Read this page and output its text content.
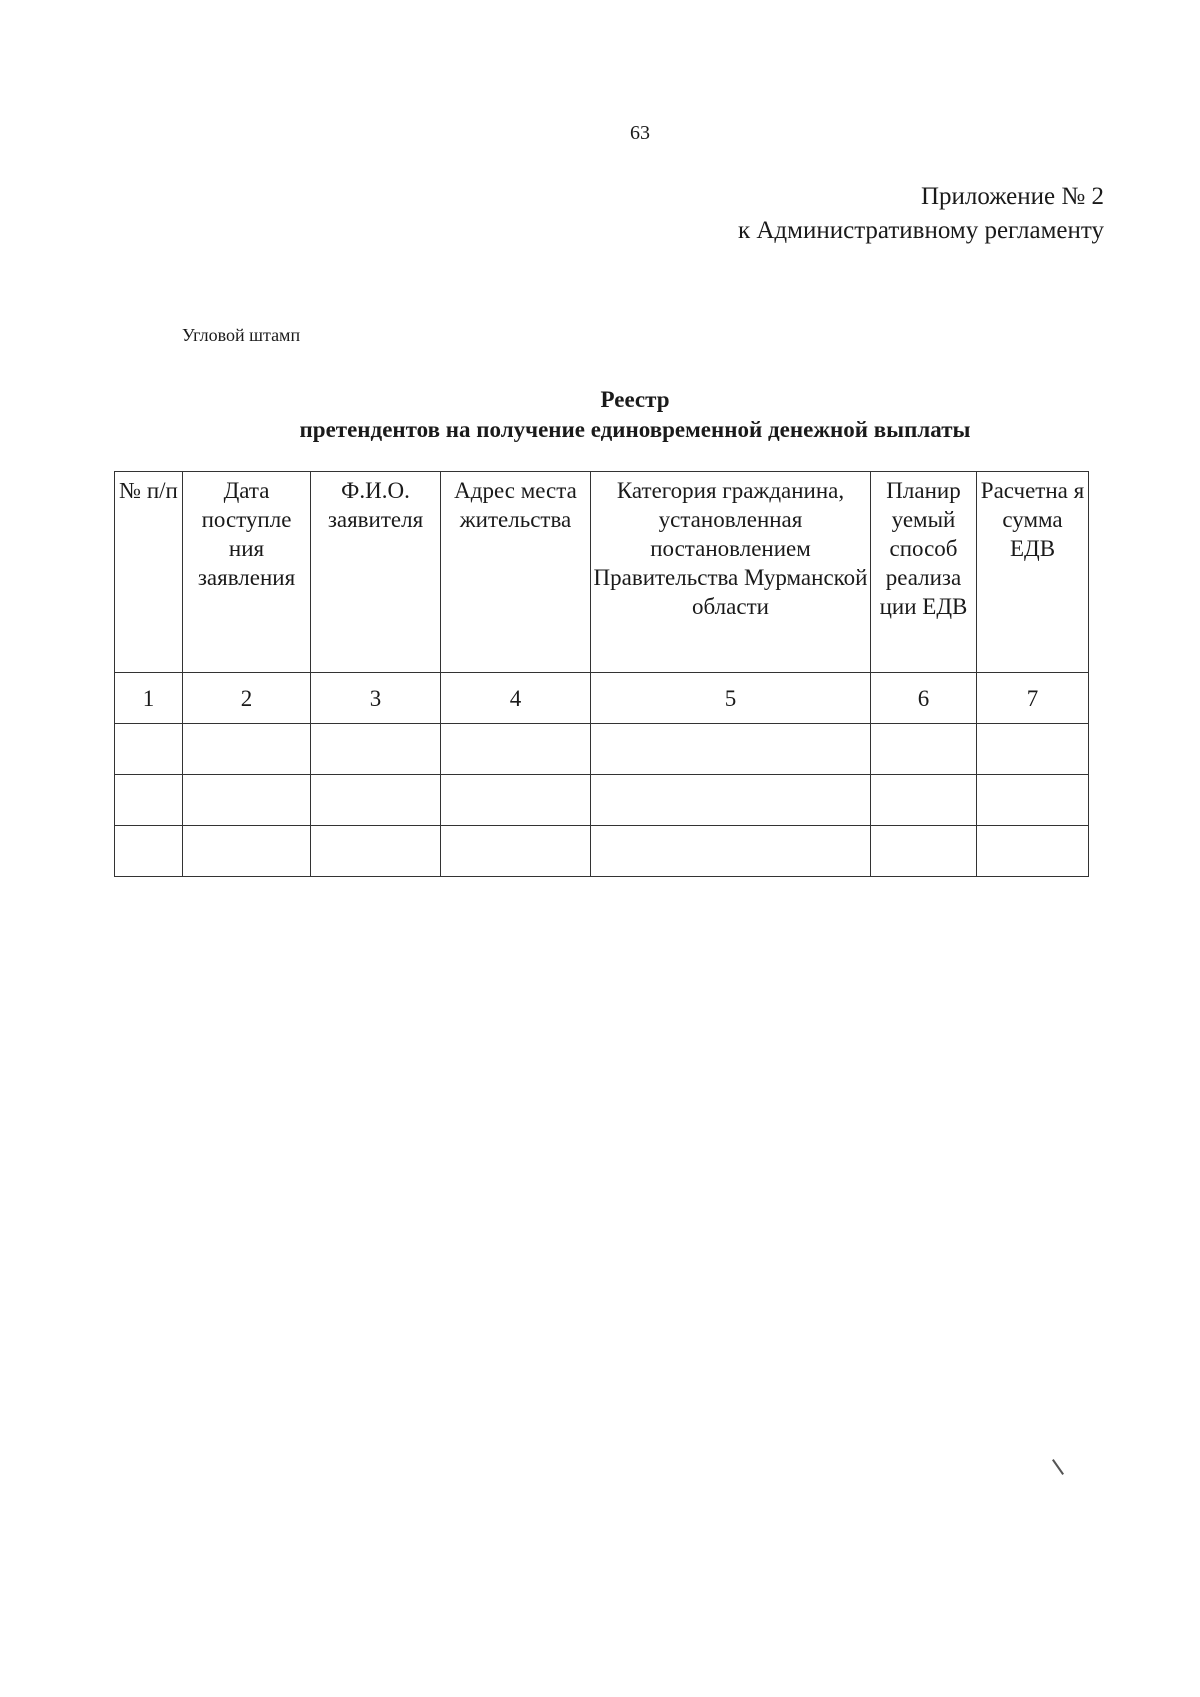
63
Приложение № 2
к Административному регламенту
Угловой штамп
Реестр
претендентов на получение единовременной денежной выплаты
№ п/п	Дата поступле ния заявления	Ф.И.О. заявителя	Адрес места жительства	Категория гражданина, установленная постановлением Правительства Мурманской области	Планир уемый способ реализа ции ЕДВ	Расчетна я сумма ЕДВ
1	2	3	4	5	6	7
